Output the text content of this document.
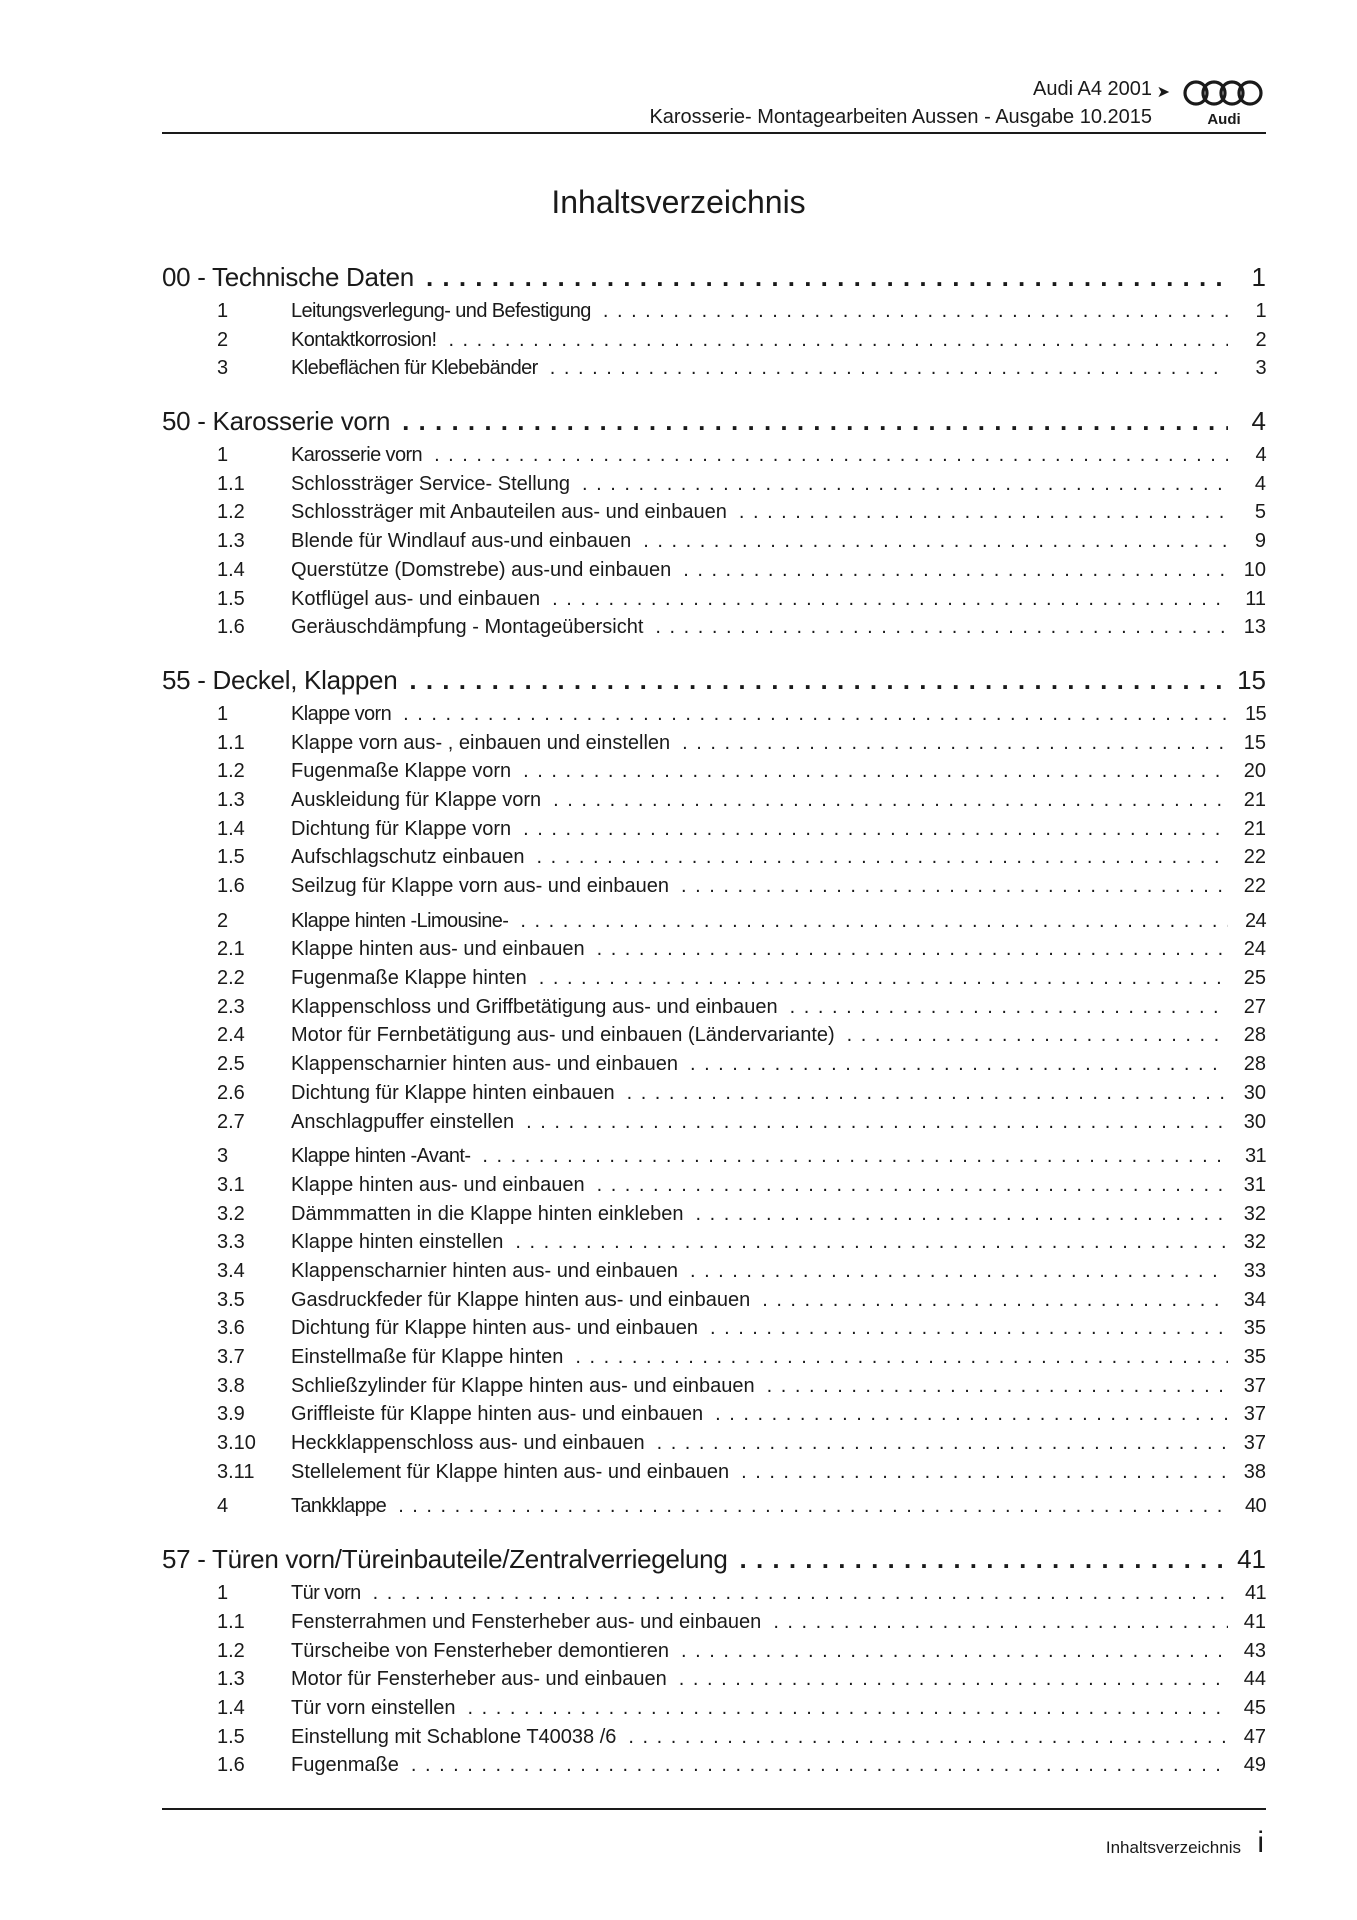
Audi A4 2001 ➤
Karosserie- Montagearbeiten Aussen - Ausgabe 10.2015	Audi
Inhaltsverzeichnis
00 - Technische Daten . . .	1
1	Leitungsverlegung- und Befestigung . . .	1
2	Kontaktkorrosion! . . .	2
3	Klebeflächen für Klebebänder . . .	3
50 - Karosserie vorn . . .	4
1	Karosserie vorn . . .	4
1.1	Schlossträger Service- Stellung . . .	4
1.2	Schlossträger mit Anbauteilen aus- und einbauen . . .	5
1.3	Blende für Windlauf aus-und einbauen . . .	9
1.4	Querstütze (Domstrebe) aus-und einbauen . . .	10
1.5	Kotflügel aus- und einbauen . . .	11
1.6	Geräuschdämpfung - Montageübersicht . . .	13
55 - Deckel, Klappen . . .	15
1	Klappe vorn . . .	15
1.1	Klappe vorn aus- , einbauen und einstellen . . .	15
1.2	Fugenmaße Klappe vorn . . .	20
1.3	Auskleidung für Klappe vorn . . .	21
1.4	Dichtung für Klappe vorn . . .	21
1.5	Aufschlagschutz einbauen . . .	22
1.6	Seilzug für Klappe vorn aus- und einbauen . . .	22
2	Klappe hinten -Limousine- . . .	24
2.1	Klappe hinten aus- und einbauen . . .	24
2.2	Fugenmaße Klappe hinten . . .	25
2.3	Klappenschloss und Griffbetätigung aus- und einbauen . . .	27
2.4	Motor für Fernbetätigung aus- und einbauen (Ländervariante) . . .	28
2.5	Klappenscharnier hinten aus- und einbauen . . .	28
2.6	Dichtung für Klappe hinten einbauen . . .	30
2.7	Anschlagpuffer einstellen . . .	30
3	Klappe hinten -Avant- . . .	31
3.1	Klappe hinten aus- und einbauen . . .	31
3.2	Dämmmatten in die Klappe hinten einkleben . . .	32
3.3	Klappe hinten einstellen . . .	32
3.4	Klappenscharnier hinten aus- und einbauen . . .	33
3.5	Gasdruckfeder für Klappe hinten aus- und einbauen . . .	34
3.6	Dichtung für Klappe hinten aus- und einbauen . . .	35
3.7	Einstellmaße für Klappe hinten . . .	35
3.8	Schließzylinder für Klappe hinten aus- und einbauen . . .	37
3.9	Griffleiste für Klappe hinten aus- und einbauen . . .	37
3.10	Heckklappenschloss aus- und einbauen . . .	37
3.11	Stellelement für Klappe hinten aus- und einbauen . . .	38
4	Tankklappe . . .	40
57 - Türen vorn/Türeinbauteile/Zentralverriegelung . . .	41
1	Tür vorn . . .	41
1.1	Fensterrahmen und Fensterheber aus- und einbauen . . .	41
1.2	Türscheibe von Fensterheber demontieren . . .	43
1.3	Motor für Fensterheber aus- und einbauen . . .	44
1.4	Tür vorn einstellen . . .	45
1.5	Einstellung mit Schablone T40038 /6 . . .	47
1.6	Fugenmaße . . .	49
Inhaltsverzeichnis i
